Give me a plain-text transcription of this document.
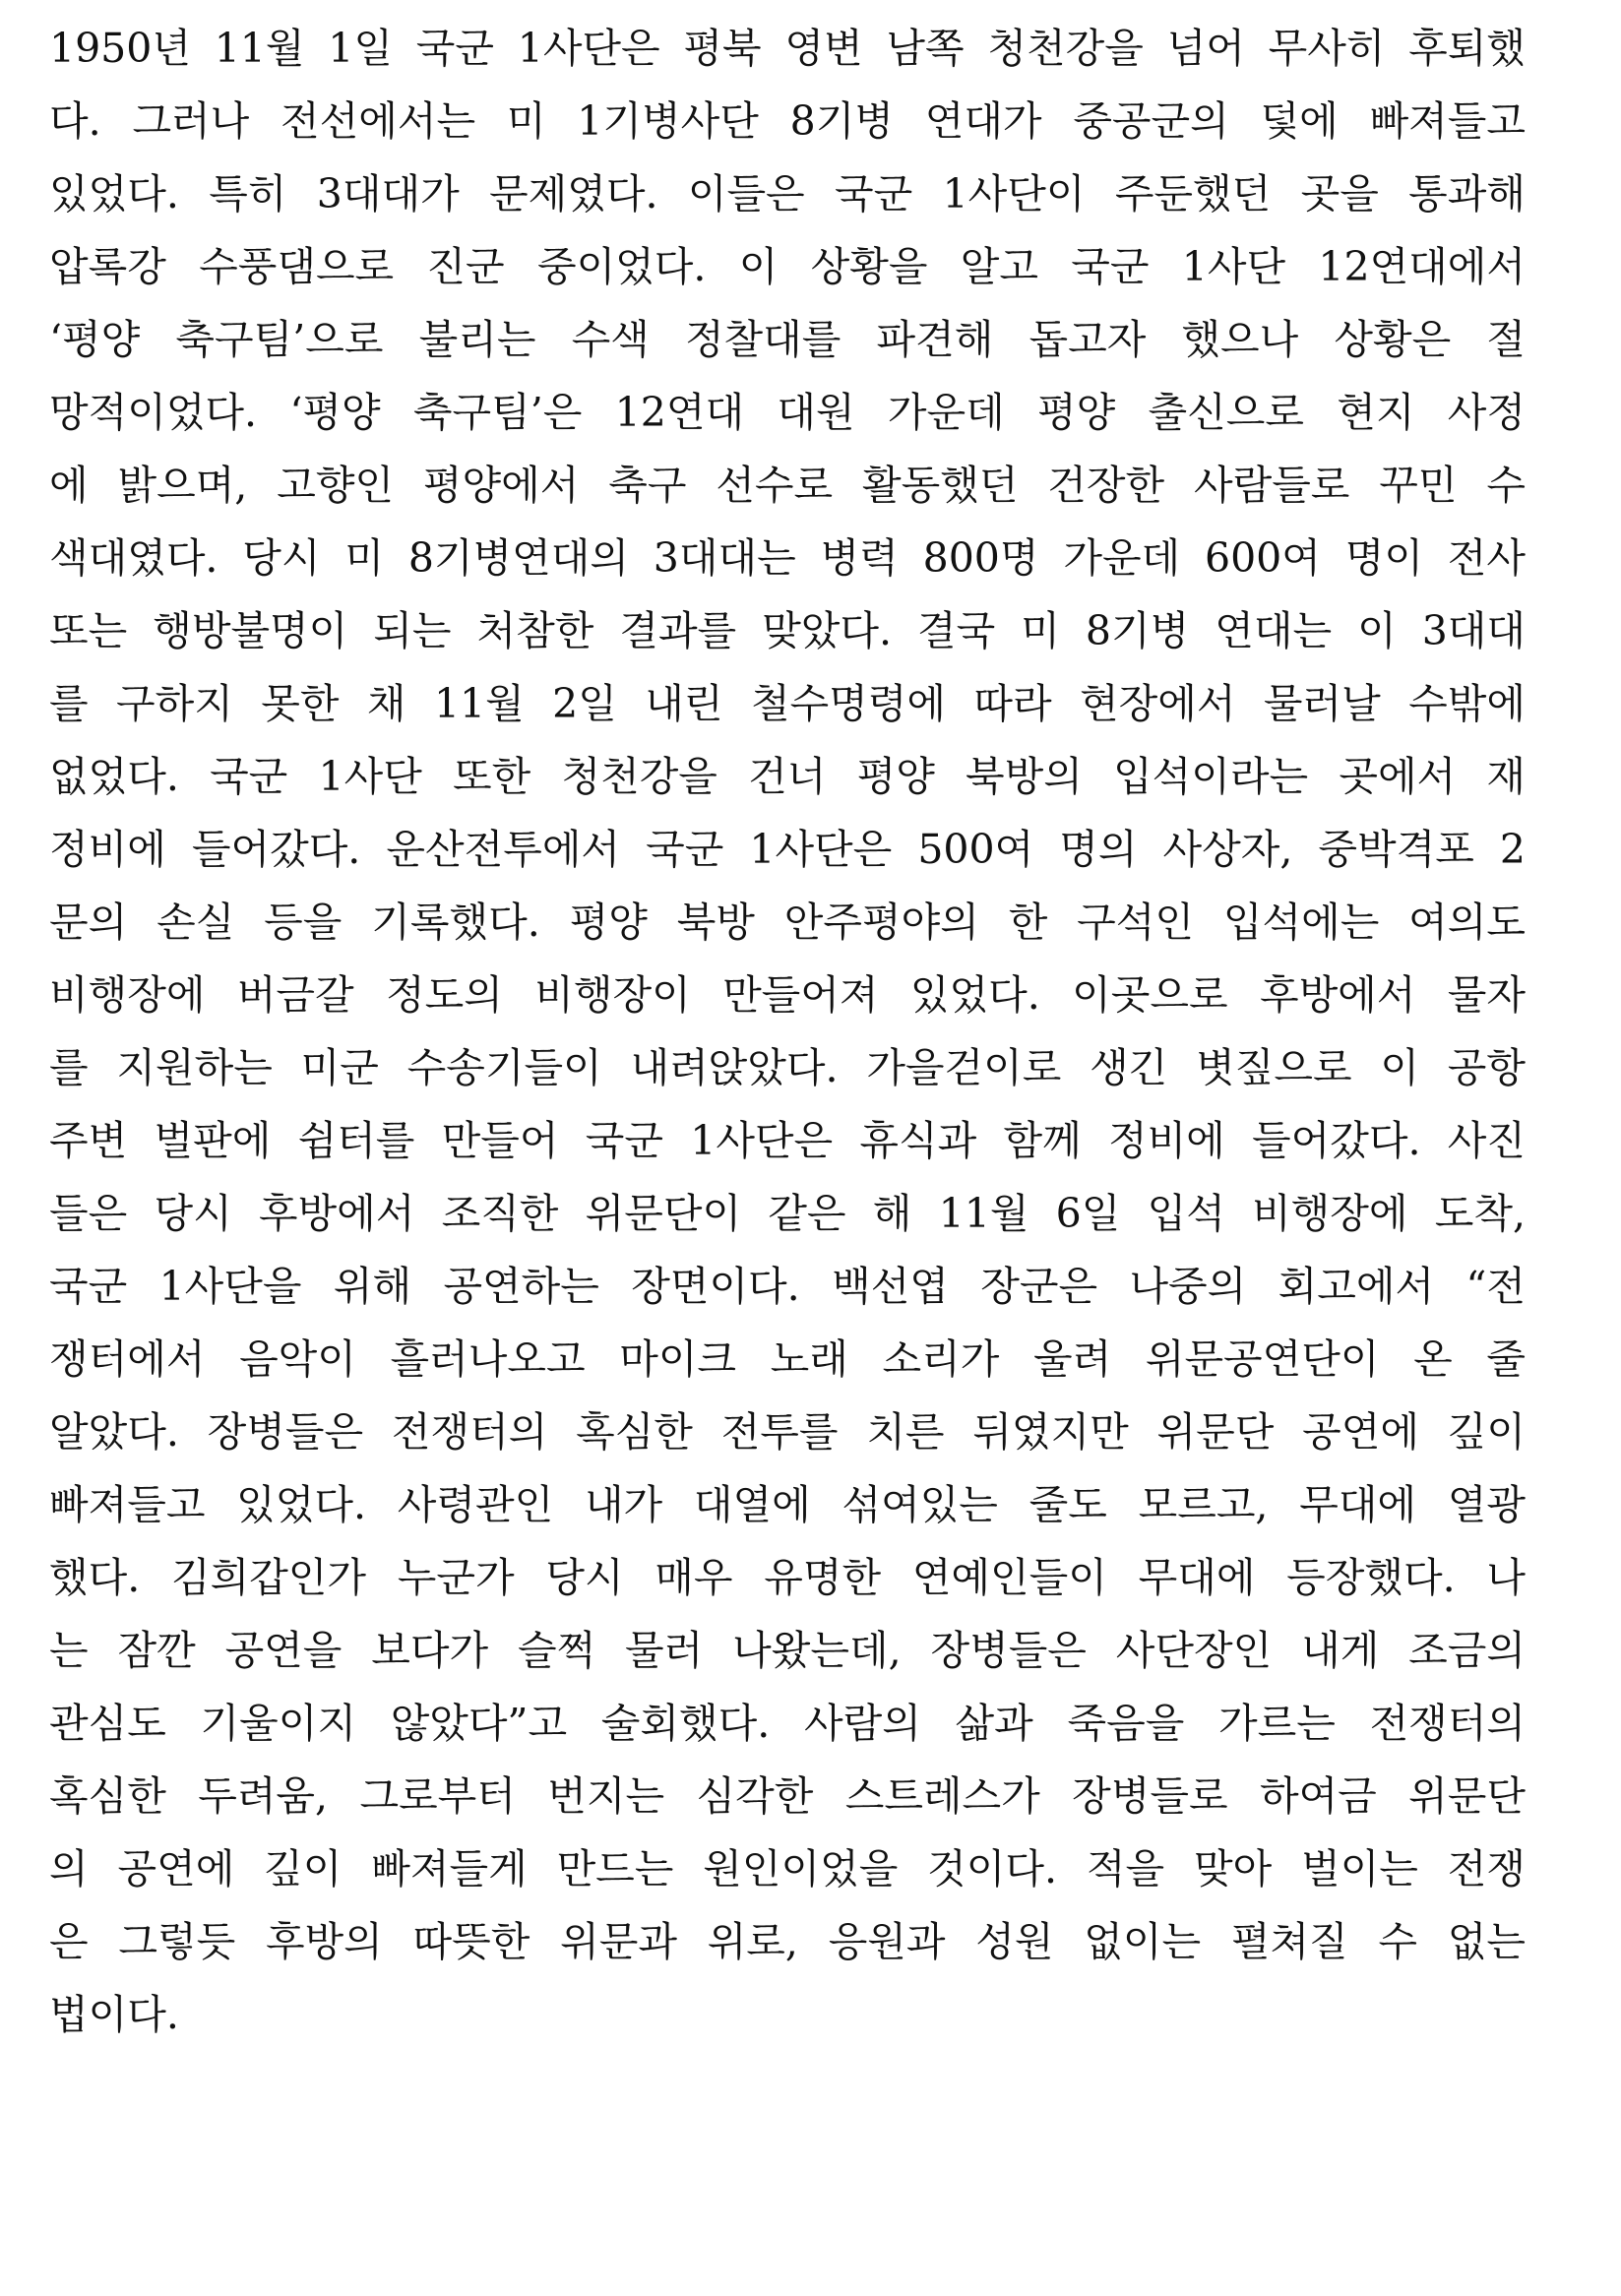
1950년 11월 1일 국군 1사단은 평북 영변 남쪽 청천강을 넘어 무사히 후퇴했
다. 그러나 전선에서는 미 1기병사단 8기병 연대가 중공군의 덫에 빠져들고
있었다. 특히 3대대가 문제였다. 이들은 국군 1사단이 주둔했던 곳을 통과해
압록강 수풍댐으로 진군 중이었다. 이 상황을 알고 국군 1사단 12연대에서
‘평양 축구팀’으로 불리는 수색 정찰대를 파견해 돕고자 했으나 상황은 절
망적이었다. ‘평양 축구팀’은 12연대 대원 가운데 평양 출신으로 현지 사정
에 밝으며, 고향인 평양에서 축구 선수로 활동했던 건장한 사람들로 꾸민 수
색대였다. 당시 미 8기병연대의 3대대는 병력 800명 가운데 600여 명이 전사
또는 행방불명이 되는 처참한 결과를 맞았다. 결국 미 8기병 연대는 이 3대대
를 구하지 못한 채 11월 2일 내린 철수명령에 따라 현장에서 물러날 수밖에
없었다. 국군 1사단 또한 청천강을 건너 평양 북방의 입석이라는 곳에서 재
정비에 들어갔다. 운산전투에서 국군 1사단은 500여 명의 사상자, 중박격포 2
문의 손실 등을 기록했다. 평양 북방 안주평야의 한 구석인 입석에는 여의도
비행장에 버금갈 정도의 비행장이 만들어져 있었다. 이곳으로 후방에서 물자
를 지원하는 미군 수송기들이 내려앉았다. 가을걷이로 생긴 볏짚으로 이 공항
주변 벌판에 쉼터를 만들어 국군 1사단은 휴식과 함께 정비에 들어갔다. 사진
들은 당시 후방에서 조직한 위문단이 같은 해 11월 6일 입석 비행장에 도착,
국군 1사단을 위해 공연하는 장면이다. 백선엽 장군은 나중의 회고에서 “전
쟁터에서 음악이 흘러나오고 마이크 노래 소리가 울려 위문공연단이 온 줄
알았다. 장병들은 전쟁터의 혹심한 전투를 치른 뒤였지만 위문단 공연에 깊이
빠져들고 있었다. 사령관인 내가 대열에 섞여있는 줄도 모르고, 무대에 열광
했다. 김희갑인가 누군가 당시 매우 유명한 연예인들이 무대에 등장했다. 나
는 잠깐 공연을 보다가 슬쩍 물러 나왔는데, 장병들은 사단장인 내게 조금의
관심도 기울이지 않았다”고 술회했다. 사람의 삶과 죽음을 가르는 전쟁터의
혹심한 두려움, 그로부터 번지는 심각한 스트레스가 장병들로 하여금 위문단
의 공연에 깊이 빠져들게 만드는 원인이었을 것이다. 적을 맞아 벌이는 전쟁
은 그렇듯 후방의 따뜻한 위문과 위로, 응원과 성원 없이는 펼쳐질 수 없는
법이다.
